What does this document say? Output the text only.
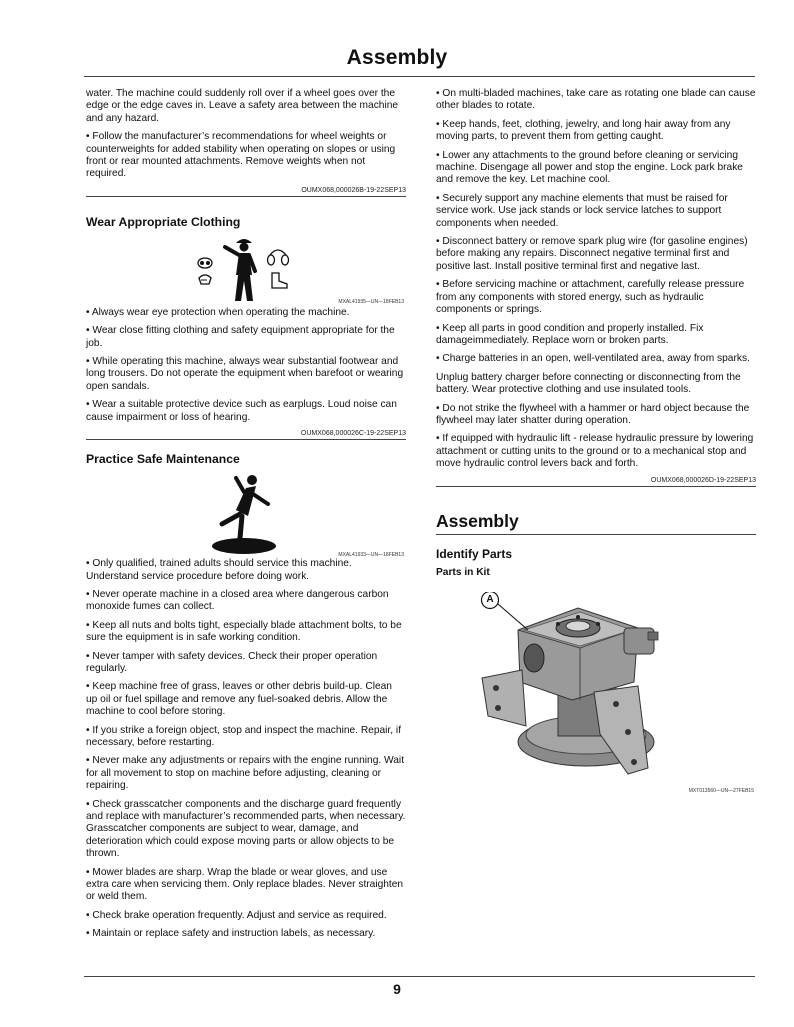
Assembly

water. The machine could suddenly roll over if a wheel goes over the edge or the edge caves in. Leave a safety area between the machine and any hazard.

• Follow the manufacturer’s recommendations for wheel weights or counterweights for added stability when operating on slopes or using front or rear mounted attachments. Remove weights when not required.

OUMX068,000026B-19-22SEP13
Wear Appropriate Clothing
MXAL41935—UN—18FEB13

• Always wear eye protection when operating the machine.

• Wear close fitting clothing and safety equipment appropriate for the job.

• While operating this machine, always wear substantial footwear and long trousers. Do not operate the equipment when barefoot or wearing open sandals.

• Wear a suitable protective device such as earplugs. Loud noise can cause impairment or loss of hearing.

OUMX068,000026C-19-22SEP13
Practice Safe Maintenance
MXAL41933—UN—18FEB13

• Only qualified, trained adults should service this machine. Understand service procedure before doing work.

• Never operate machine in a closed area where dangerous carbon monoxide fumes can collect.

• Keep all nuts and bolts tight, especially blade attachment bolts, to be sure the equipment is in safe working condition.

• Never tamper with safety devices. Check their proper operation regularly.

• Keep machine free of grass, leaves or other debris build-up. Clean up oil or fuel spillage and remove any fuel-soaked debris. Allow the machine to cool before storing.

• If you strike a foreign object, stop and inspect the machine. Repair, if necessary, before restarting.

• Never make any adjustments or repairs with the engine running. Wait for all movement to stop on machine before adjusting, cleaning or repairing.

• Check grasscatcher components and the discharge guard frequently and replace with manufacturer’s recommended parts, when necessary. Grasscatcher components are subject to wear, damage, and deterioration which could expose moving parts or allow objects to be thrown.

• Mower blades are sharp. Wrap the blade or wear gloves, and use extra care when servicing them. Only replace blades. Never straighten or weld them.

• Check brake operation frequently. Adjust and service as required.

• Maintain or replace safety and instruction labels, as necessary.

• On multi-bladed machines, take care as rotating one blade can cause other blades to rotate.

• Keep hands, feet, clothing, jewelry, and long hair away from any moving parts, to prevent them from getting caught.

• Lower any attachments to the ground before cleaning or servicing machine. Disengage all power and stop the engine. Lock park brake and remove the key. Let machine cool.

• Securely support any machine elements that must be raised for service work. Use jack stands or lock service latches to support components when needed.

• Disconnect battery or remove spark plug wire (for gasoline engines) before making any repairs. Disconnect negative terminal first and positive last. Install positive terminal first and negative last.

• Before servicing machine or attachment, carefully release pressure from any components with stored energy, such as hydraulic components or springs.

• Keep all parts in good condition and properly installed. Fix damageimmediately. Replace worn or broken parts.

• Charge batteries in an open, well-ventilated area, away from sparks.

Unplug battery charger before connecting or disconnecting from the battery. Wear protective clothing and use insulated tools.

• Do not strike the flywheel with a hammer or hard object because the flywheel may later shatter during operation.

• If equipped with hydraulic lift - release hydraulic pressure by lowering attachment or cutting units to the ground or to a mechanical stop and move hydraulic control levers back and forth.

OUMX068,000026D-19-22SEP13
Assembly
Identify Parts
Parts in Kit
A
MXT013560—UN—27FEB15
9
